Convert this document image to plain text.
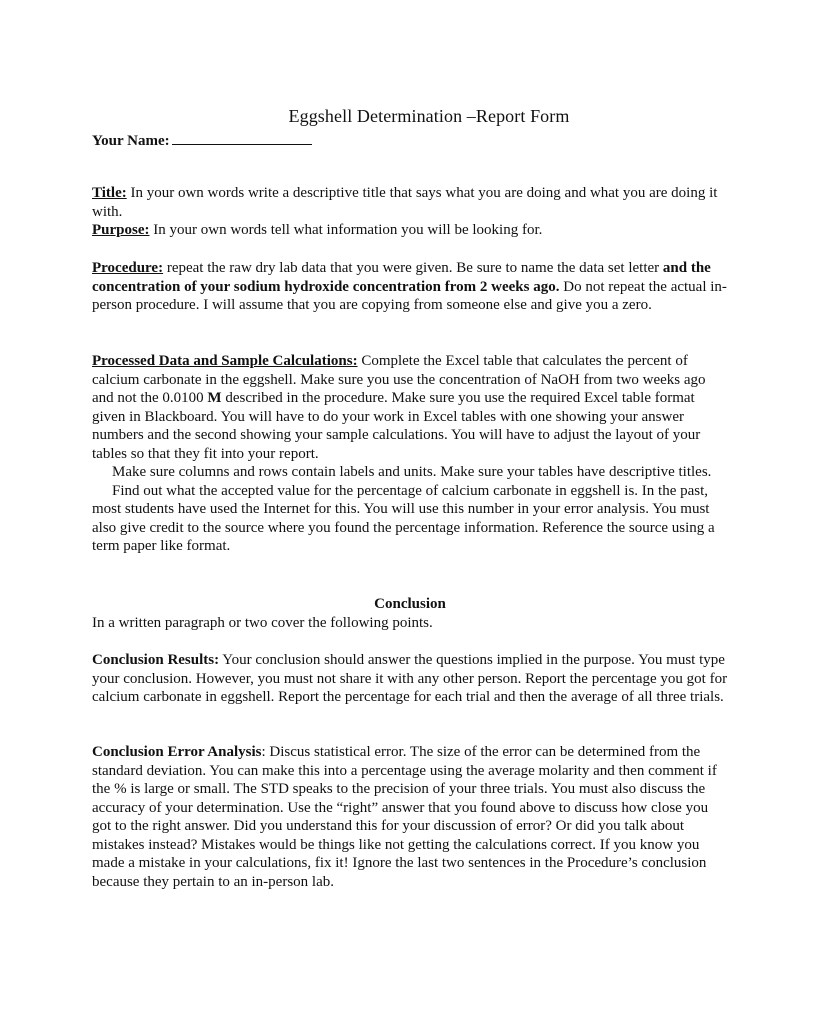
Eggshell Determination –Report Form
Your Name:

Title: In your own words write a descriptive title that says what you are doing and what you are doing it with.

Purpose: In your own words tell what information you will be looking for.

Procedure: repeat the raw dry lab data that you were given. Be sure to name the data set letter and the concentration of your sodium hydroxide concentration from 2 weeks ago. Do not repeat the actual in-person procedure. I will assume that you are copying from someone else and give you a zero.

Processed Data and Sample Calculations: Complete the Excel table that calculates the percent of calcium carbonate in the eggshell. Make sure you use the concentration of NaOH from two weeks ago and not the 0.0100 M described in the procedure. Make sure you use the required Excel table format given in Blackboard. You will have to do your work in Excel tables with one showing your answer numbers and the second showing your sample calculations. You will have to adjust the layout of your tables so that they fit into your report.

Make sure columns and rows contain labels and units. Make sure your tables have descriptive titles.

Find out what the accepted value for the percentage of calcium carbonate in eggshell is. In the past, most students have used the Internet for this. You will use this number in your error analysis. You must also give credit to the source where you found the percentage information. Reference the source using a term paper like format.

Conclusion

In a written paragraph or two cover the following points.

Conclusion Results: Your conclusion should answer the questions implied in the purpose. You must type your conclusion. However, you must not share it with any other person. Report the percentage you got for calcium carbonate in eggshell. Report the percentage for each trial and then the average of all three trials.

Conclusion Error Analysis: Discus statistical error. The size of the error can be determined from the standard deviation. You can make this into a percentage using the average molarity and then comment if the % is large or small. The STD speaks to the precision of your three trials. You must also discuss the accuracy of your determination. Use the “right” answer that you found above to discuss how close you got to the right answer. Did you understand this for your discussion of error? Or did you talk about mistakes instead? Mistakes would be things like not getting the calculations correct. If you know you made a mistake in your calculations, fix it! Ignore the last two sentences in the Procedure’s conclusion because they pertain to an in-person lab.
